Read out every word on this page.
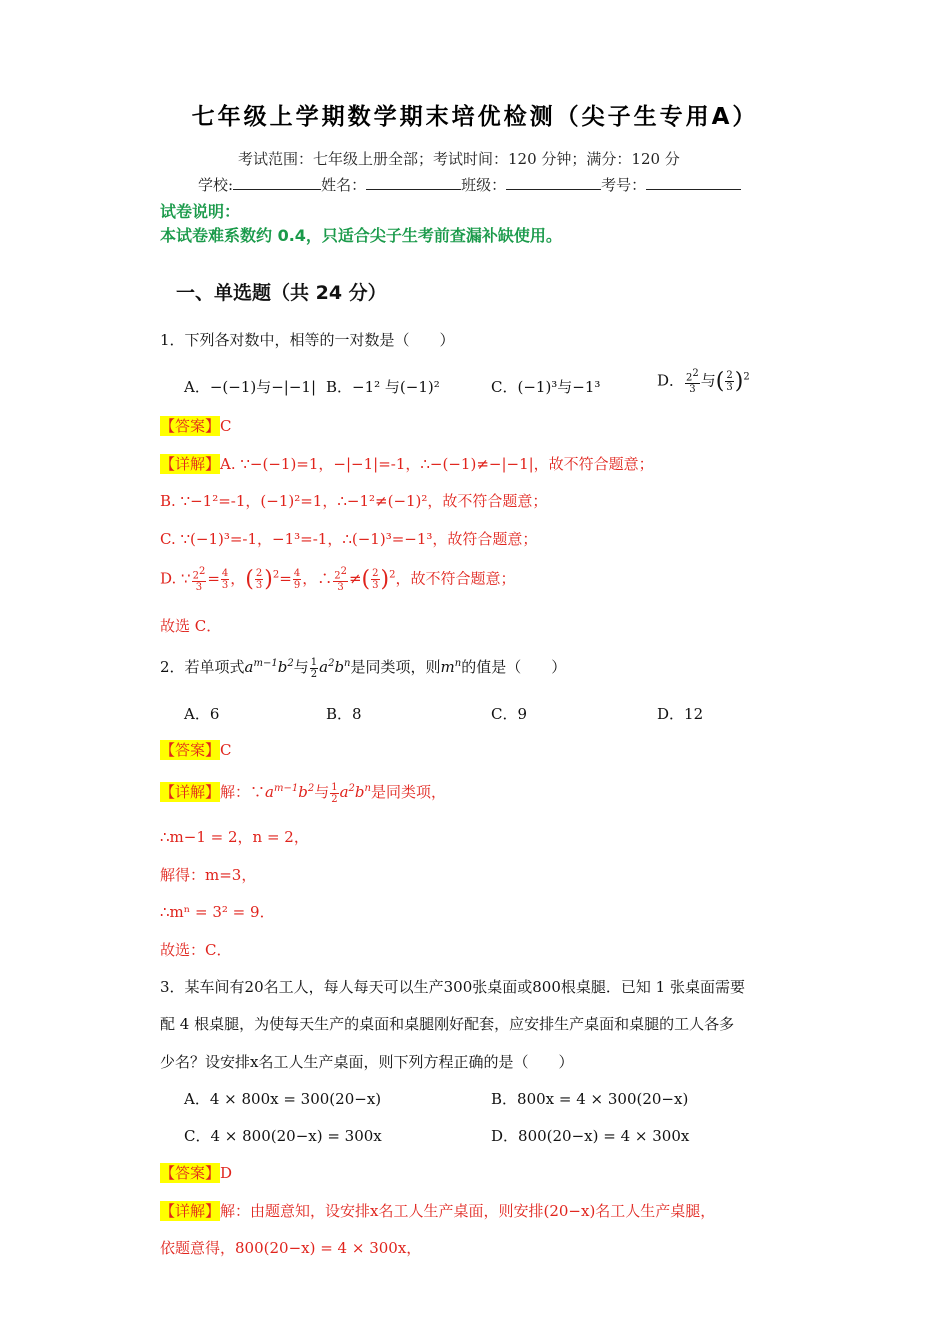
七年级上学期数学期末培优检测（尖子生专用A）
考试范围：七年级上册全部；考试时间：120 分钟；满分：120 分
学校:	姓名：	班级：	考号：
试卷说明：
本试卷难系数约 0.4，只适合尖子生考前查漏补缺使用。
一、单选题（共 24 分）
1．下列各对数中，相等的一对数是（　　）
A．−(−1)与−|−1| B．−1² 与(−1)²	C．(−1)³与−1³	D． $\frac{2^2}{3}$ 与( $\frac{2}{3} )^2$
【答案】C
【详解】A. ∵−(−1)=1，−|−1|=-1，∴−(−1)≠−|−1|，故不符合题意；
B. ∵−1²=-1，(−1)²=1，∴−1²≠(−1)²，故不符合题意；
C. ∵(−1)³=-1，−1³=-1，∴(−1)³=−1³，故符合题意；
D. ∵ $\frac{2^2}{3} = \frac{4}{3}$ ，( $\frac{2}{3} )^2= \frac{4}{9}$ ，∴ $\frac{2^2}{3}$ ≠( $\frac{2}{3} )^2$，故不符合题意；
故选 C．
2．若单项式$a^{m-1}b^2$与 $\frac{1}{2} a^2b^n$是同类项，则$m^n$的值是（　　）
A．6	B．8	C．9	D．12
【答案】C
【详解】解：$\because a^{m-1}b^2$与 $\frac{1}{2} a^2b^n$是同类项，
∴m−1 = 2，n = 2，
解得：m=3，
∴mⁿ = 3² = 9．
故选：C．
3．某车间有20名工人，每人每天可以生产300张桌面或800根桌腿．已知 1 张桌面需要
配 4 根桌腿，为使每天生产的桌面和桌腿刚好配套，应安排生产桌面和桌腿的工人各多
少名？设安排x名工人生产桌面，则下列方程正确的是（　　）
A．4 × 800x = 300(20−x)	B．800x = 4 × 300(20−x)
C．4 × 800(20−x) = 300x	D．800(20−x) = 4 × 300x
【答案】D
【详解】解：由题意知，设安排x名工人生产桌面，则安排(20−x)名工人生产桌腿，
依题意得，800(20−x) = 4 × 300x，
